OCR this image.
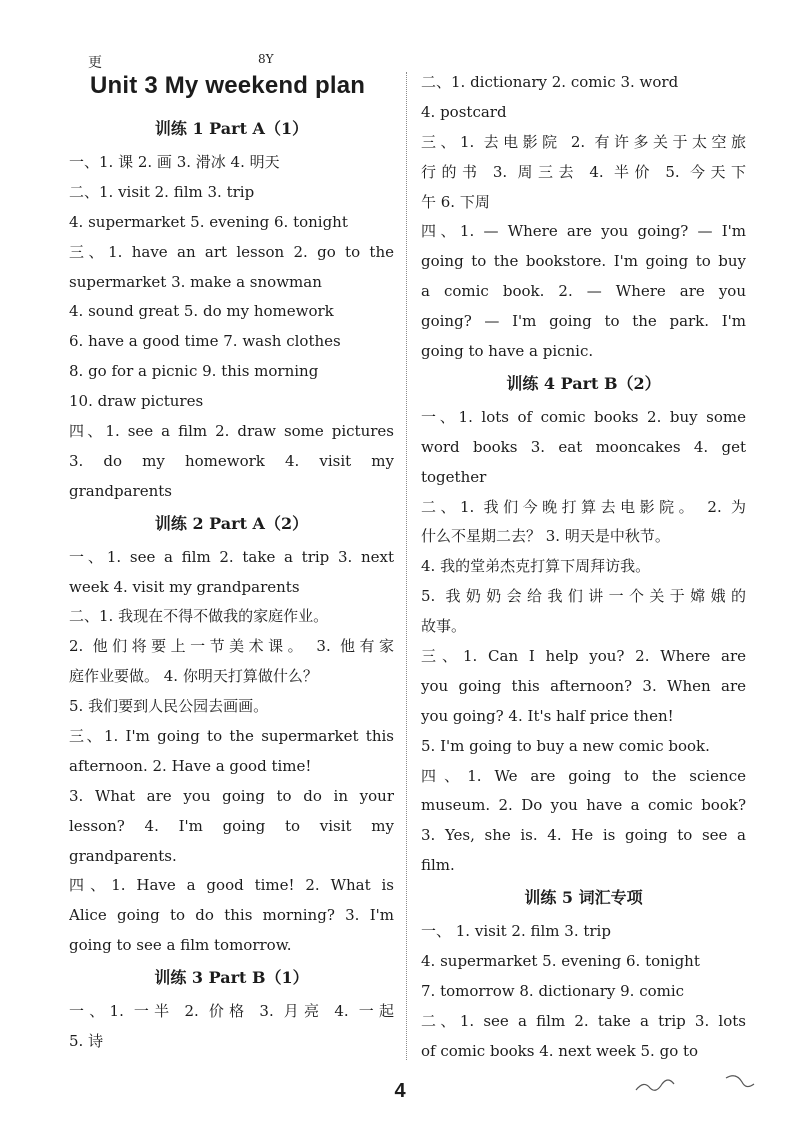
更	8Y
Unit 3 My weekend plan
训练 1 Part A（1）
一、1. 课 2. 画 3. 滑冰 4. 明天
二、1. visit 2. film 3. trip
4. supermarket 5. evening 6. tonight
三、1. have an art lesson 2. go to the
supermarket 3. make a snowman
4. sound great 5. do my homework
6. have a good time 7. wash clothes
8. go for a picnic 9. this morning
10. draw pictures
四、1. see a film 2. draw some pictures
3. do my homework 4. visit my
grandparents
训练 2 Part A（2）
一、1. see a film 2. take a trip 3. next
week 4. visit my grandparents
二、1. 我现在不得不做我的家庭作业。
2. 他们将要上一节美术课。 3. 他有家
庭作业要做。 4. 你明天打算做什么？
5. 我们要到人民公园去画画。
三、1. I'm going to the supermarket this
afternoon. 2. Have a good time!
3. What are you going to do in your
lesson? 4. I'm going to visit my
grandparents.
四、1. Have a good time! 2. What is
Alice going to do this morning? 3. I'm
going to see a film tomorrow.
训练 3 Part B（1）
一、1. 一半 2. 价格 3. 月亮 4. 一起
5. 诗
二、1. dictionary 2. comic 3. word
4. postcard
三、1. 去电影院 2. 有许多关于太空旅
行的书 3. 周三去 4. 半价 5. 今天下
午 6. 下周
四、1. — Where are you going? — I'm
going to the bookstore. I'm going to buy
a comic book. 2. — Where are you
going? — I'm going to the park. I'm
going to have a picnic.
训练 4 Part B（2）
一、1. lots of comic books 2. buy some
word books 3. eat mooncakes 4. get
together
二、1. 我们今晚打算去电影院。 2. 为
什么不星期二去？ 3. 明天是中秋节。
4. 我的堂弟杰克打算下周拜访我。
5. 我奶奶会给我们讲一个关于嫦娥的
故事。
三、1. Can I help you? 2. Where are
you going this afternoon? 3. When are
you going? 4. It's half price then!
5. I'm going to buy a new comic book.
四、1. We are going to the science
museum. 2. Do you have a comic book?
3. Yes, she is. 4. He is going to see a
film.
训练 5 词汇专项
一、 1. visit 2. film 3. trip
4. supermarket 5. evening 6. tonight
7. tomorrow 8. dictionary 9. comic
二、1. see a film 2. take a trip 3. lots
of comic books 4. next week 5. go to
4
